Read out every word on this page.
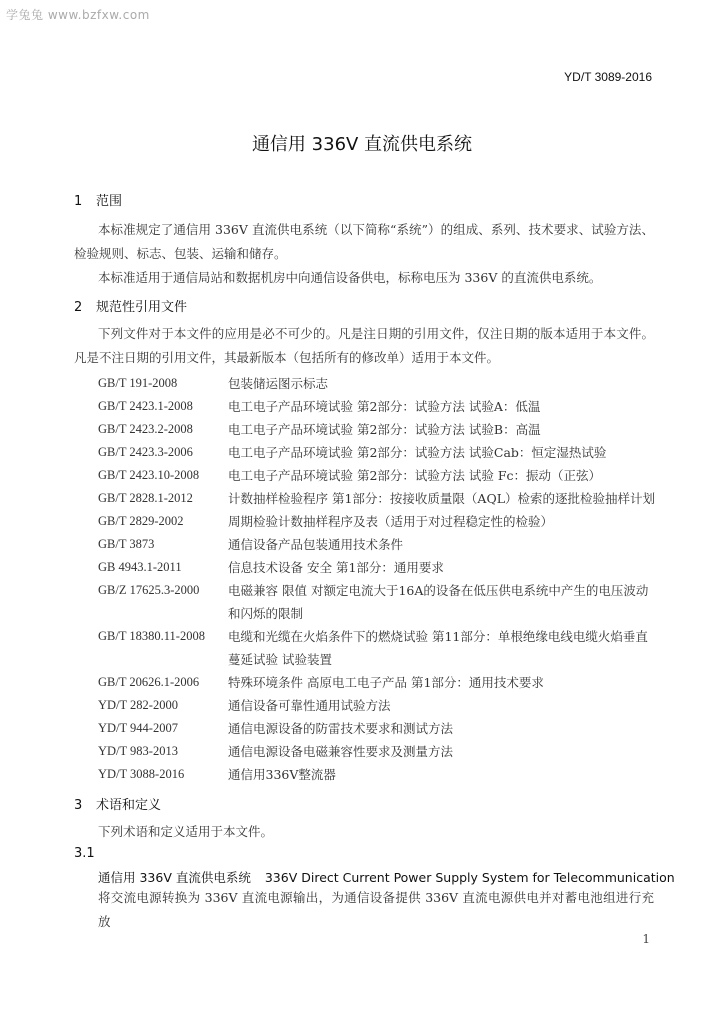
学兔兔 www.bzfxw.com
YD/T 3089-2016
通信用 336V 直流供电系统
1 范围
本标准规定了通信用 336V 直流供电系统（以下简称“系统”）的组成、系列、技术要求、试验方法、检验规则、标志、包装、运输和储存。
本标准适用于通信局站和数据机房中向通信设备供电，标称电压为 336V 的直流供电系统。
2 规范性引用文件
下列文件对于本文件的应用是必不可少的。凡是注日期的引用文件，仅注日期的版本适用于本文件。凡是不注日期的引用文件，其最新版本（包括所有的修改单）适用于本文件。
GB/T 191-2008	包装储运图示标志
GB/T 2423.1-2008	电工电子产品环境试验 第2部分：试验方法 试验A：低温
GB/T 2423.2-2008	电工电子产品环境试验 第2部分：试验方法 试验B：高温
GB/T 2423.3-2006	电工电子产品环境试验 第2部分：试验方法 试验Cab：恒定湿热试验
GB/T 2423.10-2008	电工电子产品环境试验 第2部分：试验方法 试验 Fc：振动（正弦）
GB/T 2828.1-2012	计数抽样检验程序 第1部分：按接收质量限（AQL）检索的逐批检验抽样计划
GB/T 2829-2002	周期检验计数抽样程序及表（适用于对过程稳定性的检验）
GB/T 3873	通信设备产品包装通用技术条件
GB 4943.1-2011	信息技术设备 安全 第1部分：通用要求
GB/Z 17625.3-2000	电磁兼容 限值 对额定电流大于16A的设备在低压供电系统中产生的电压波动和闪烁的限制
GB/T 18380.11-2008	电缆和光缆在火焰条件下的燃烧试验 第11部分：单根绝缘电线电缆火焰垂直蔓延试验 试验装置
GB/T 20626.1-2006	特殊环境条件 高原电工电子产品 第1部分：通用技术要求
YD/T 282-2000	通信设备可靠性通用试验方法
YD/T 944-2007	通信电源设备的防雷技术要求和测试方法
YD/T 983-2013	通信电源设备电磁兼容性要求及测量方法
YD/T 3088-2016	通信用336V整流器
3 术语和定义
下列术语和定义适用于本文件。
3.1
通信用 336V 直流供电系统 336V Direct Current Power Supply System for Telecommunication
将交流电源转换为 336V 直流电源输出，为通信设备提供 336V 直流电源供电并对蓄电池组进行充放
1
